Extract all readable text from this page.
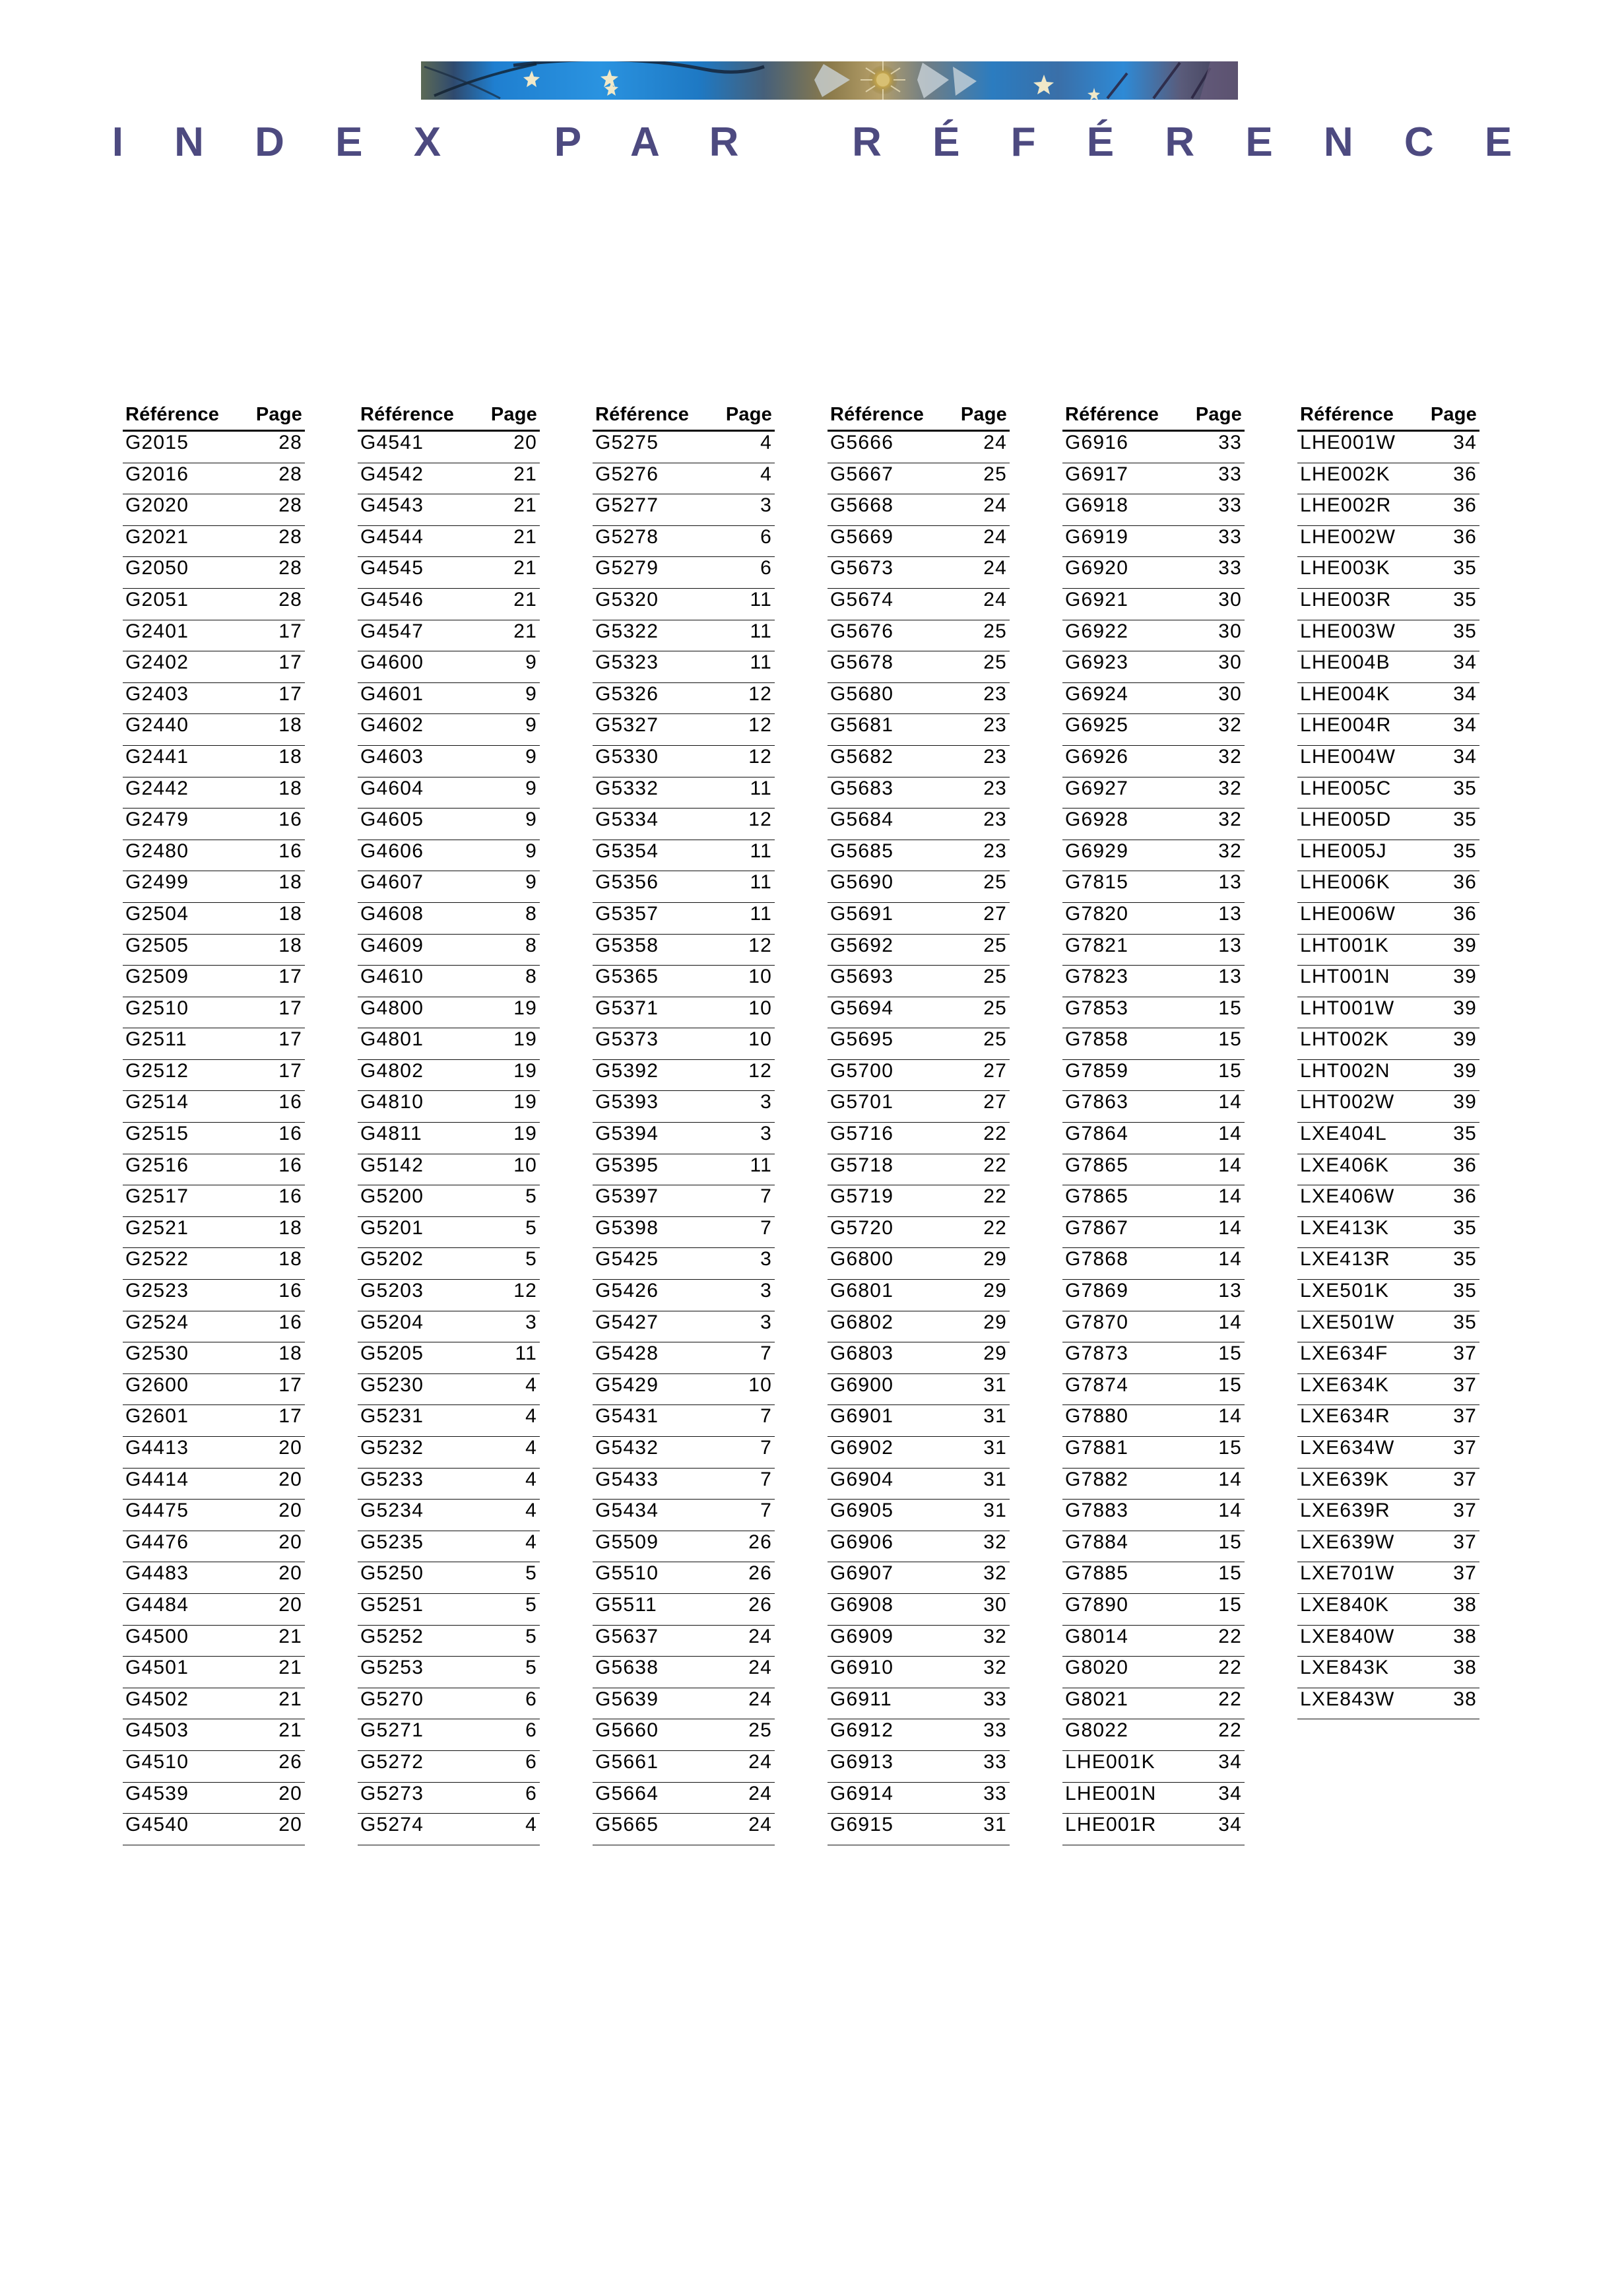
I N D E X   P A R   R É F É R E N C E
Référence Page
G2015	28
G2016	28
G2020	28
G2021	28
G2050	28
G2051	28
G2401	17
G2402	17
G2403	17
G2440	18
G2441	18
G2442	18
G2479	16
G2480	16
G2499	18
G2504	18
G2505	18
G2509	17
G2510	17
G2511	17
G2512	17
G2514	16
G2515	16
G2516	16
G2517	16
G2521	18
G2522	18
G2523	16
G2524	16
G2530	18
G2600	17
G2601	17
G4413	20
G4414	20
G4475	20
G4476	20
G4483	20
G4484	20
G4500	21
G4501	21
G4502	21
G4503	21
G4510	26
G4539	20
G4540	20
Référence Page
G4541	20
G4542	21
G4543	21
G4544	21
G4545	21
G4546	21
G4547	21
G4600	9
G4601	9
G4602	9
G4603	9
G4604	9
G4605	9
G4606	9
G4607	9
G4608	8
G4609	8
G4610	8
G4800	19
G4801	19
G4802	19
G4810	19
G4811	19
G5142	10
G5200	5
G5201	5
G5202	5
G5203	12
G5204	3
G5205	11
G5230	4
G5231	4
G5232	4
G5233	4
G5234	4
G5235	4
G5250	5
G5251	5
G5252	5
G5253	5
G5270	6
G5271	6
G5272	6
G5273	6
G5274	4
Référence Page
G5275	4
G5276	4
G5277	3
G5278	6
G5279	6
G5320	11
G5322	11
G5323	11
G5326	12
G5327	12
G5330	12
G5332	11
G5334	12
G5354	11
G5356	11
G5357	11
G5358	12
G5365	10
G5371	10
G5373	10
G5392	12
G5393	3
G5394	3
G5395	11
G5397	7
G5398	7
G5425	3
G5426	3
G5427	3
G5428	7
G5429	10
G5431	7
G5432	7
G5433	7
G5434	7
G5509	26
G5510	26
G5511	26
G5637	24
G5638	24
G5639	24
G5660	25
G5661	24
G5664	24
G5665	24
Référence Page
G5666	24
G5667	25
G5668	24
G5669	24
G5673	24
G5674	24
G5676	25
G5678	25
G5680	23
G5681	23
G5682	23
G5683	23
G5684	23
G5685	23
G5690	25
G5691	27
G5692	25
G5693	25
G5694	25
G5695	25
G5700	27
G5701	27
G5716	22
G5718	22
G5719	22
G5720	22
G6800	29
G6801	29
G6802	29
G6803	29
G6900	31
G6901	31
G6902	31
G6904	31
G6905	31
G6906	32
G6907	32
G6908	30
G6909	32
G6910	32
G6911	33
G6912	33
G6913	33
G6914	33
G6915	31
Référence Page
G6916	33
G6917	33
G6918	33
G6919	33
G6920	33
G6921	30
G6922	30
G6923	30
G6924	30
G6925	32
G6926	32
G6927	32
G6928	32
G6929	32
G7815	13
G7820	13
G7821	13
G7823	13
G7853	15
G7858	15
G7859	15
G7863	14
G7864	14
G7865	14
G7865	14
G7867	14
G7868	14
G7869	13
G7870	14
G7873	15
G7874	15
G7880	14
G7881	15
G7882	14
G7883	14
G7884	15
G7885	15
G7890	15
G8014	22
G8020	22
G8021	22
G8022	22
LHE001K	34
LHE001N	34
LHE001R	34
Référence Page
LHE001W	34
LHE002K	36
LHE002R	36
LHE002W	36
LHE003K	35
LHE003R	35
LHE003W	35
LHE004B	34
LHE004K	34
LHE004R	34
LHE004W	34
LHE005C	35
LHE005D	35
LHE005J	35
LHE006K	36
LHE006W	36
LHT001K	39
LHT001N	39
LHT001W	39
LHT002K	39
LHT002N	39
LHT002W	39
LXE404L	35
LXE406K	36
LXE406W	36
LXE413K	35
LXE413R	35
LXE501K	35
LXE501W	35
LXE634F	37
LXE634K	37
LXE634R	37
LXE634W	37
LXE639K	37
LXE639R	37
LXE639W	37
LXE701W	37
LXE840K	38
LXE840W	38
LXE843K	38
LXE843W	38
